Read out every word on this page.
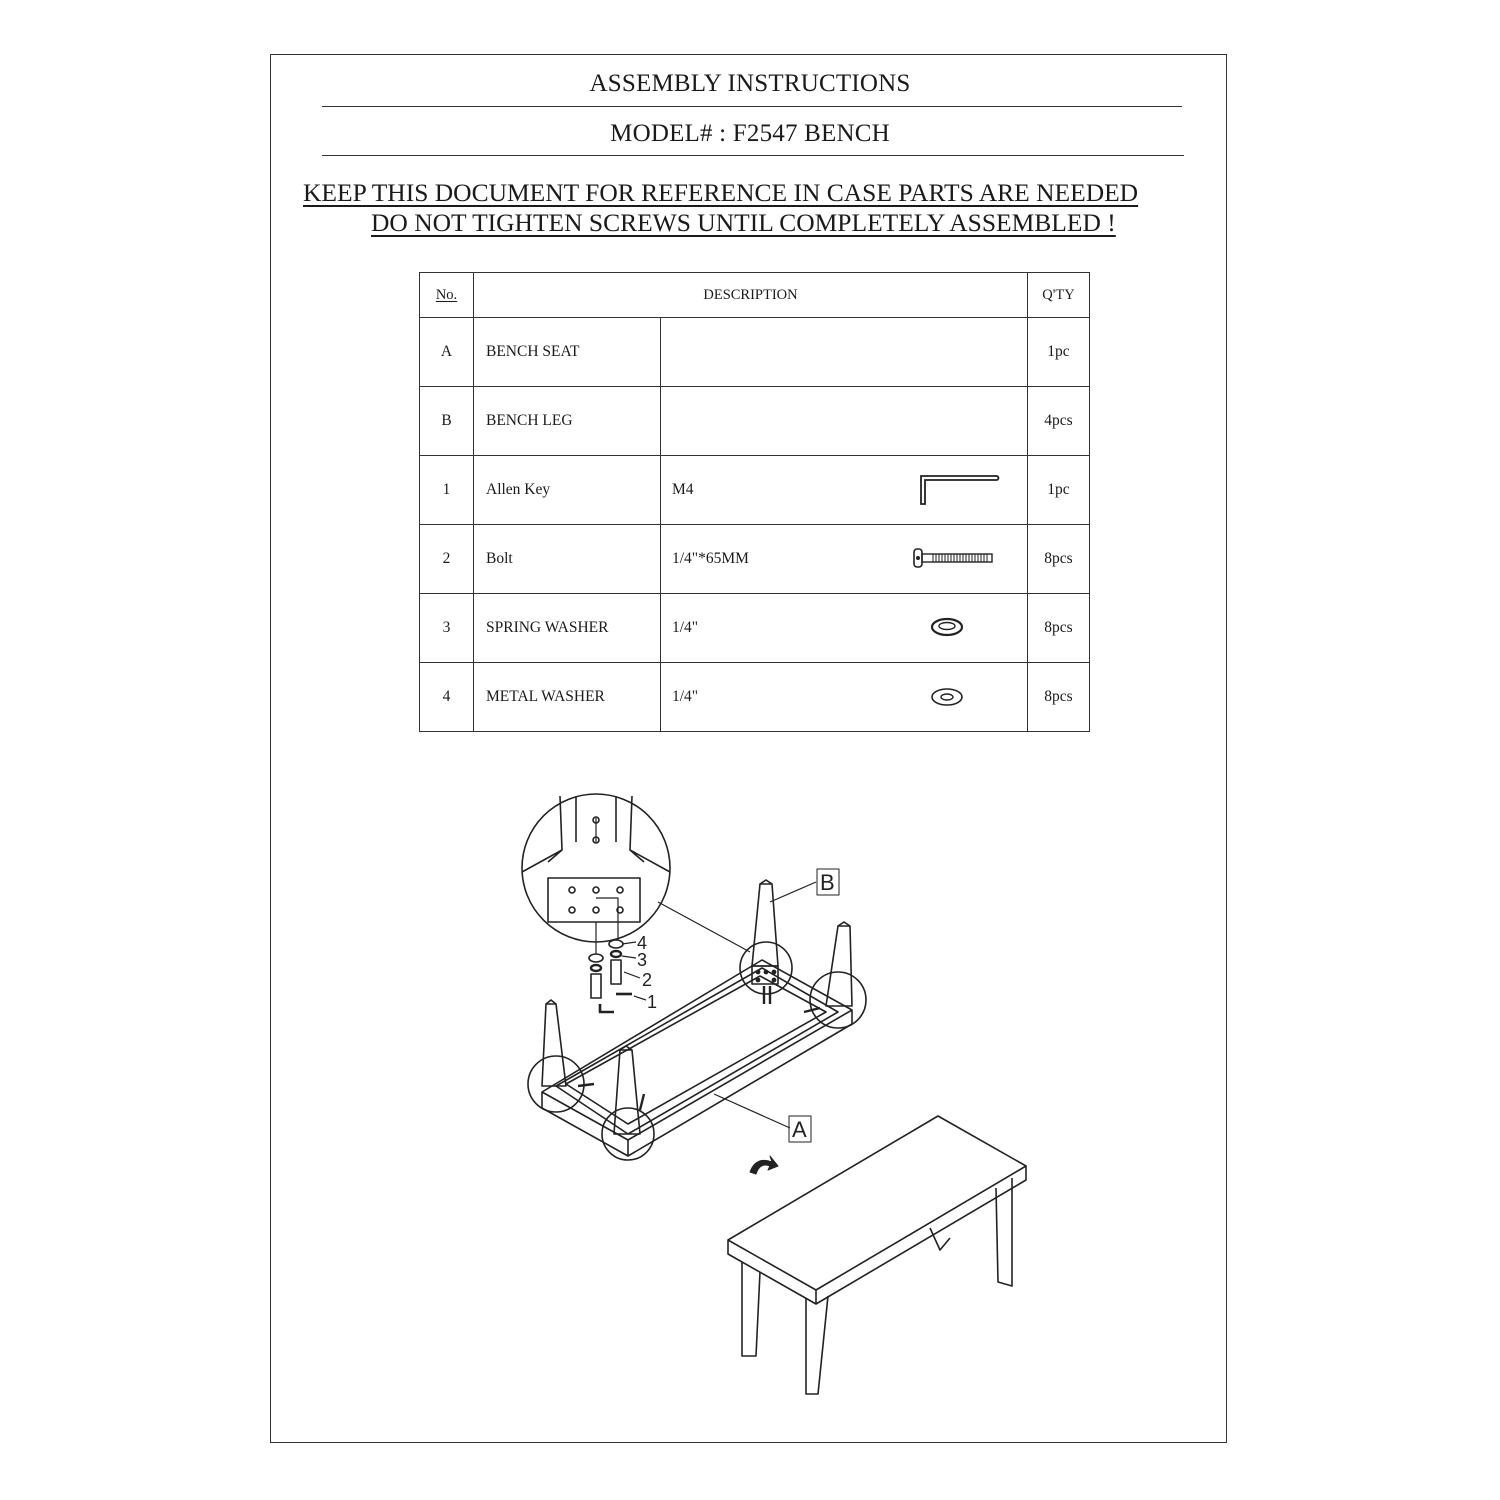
ASSEMBLY INSTRUCTIONS
MODEL# : F2547 BENCH
KEEP THIS DOCUMENT FOR REFERENCE IN CASE PARTS ARE NEEDED
DO NOT TIGHTEN SCREWS UNTIL COMPLETELY ASSEMBLED !
No.	DESCRIPTION		Q'TY
A	BENCH SEAT		1pc
B	BENCH LEG		4pcs
1	Allen Key	M4	1pc
2	Bolt	1/4"*65MM	8pcs
3	SPRING WASHER	1/4"	8pcs
4	METAL WASHER	1/4"	8pcs
B
A
4
3
2
1
